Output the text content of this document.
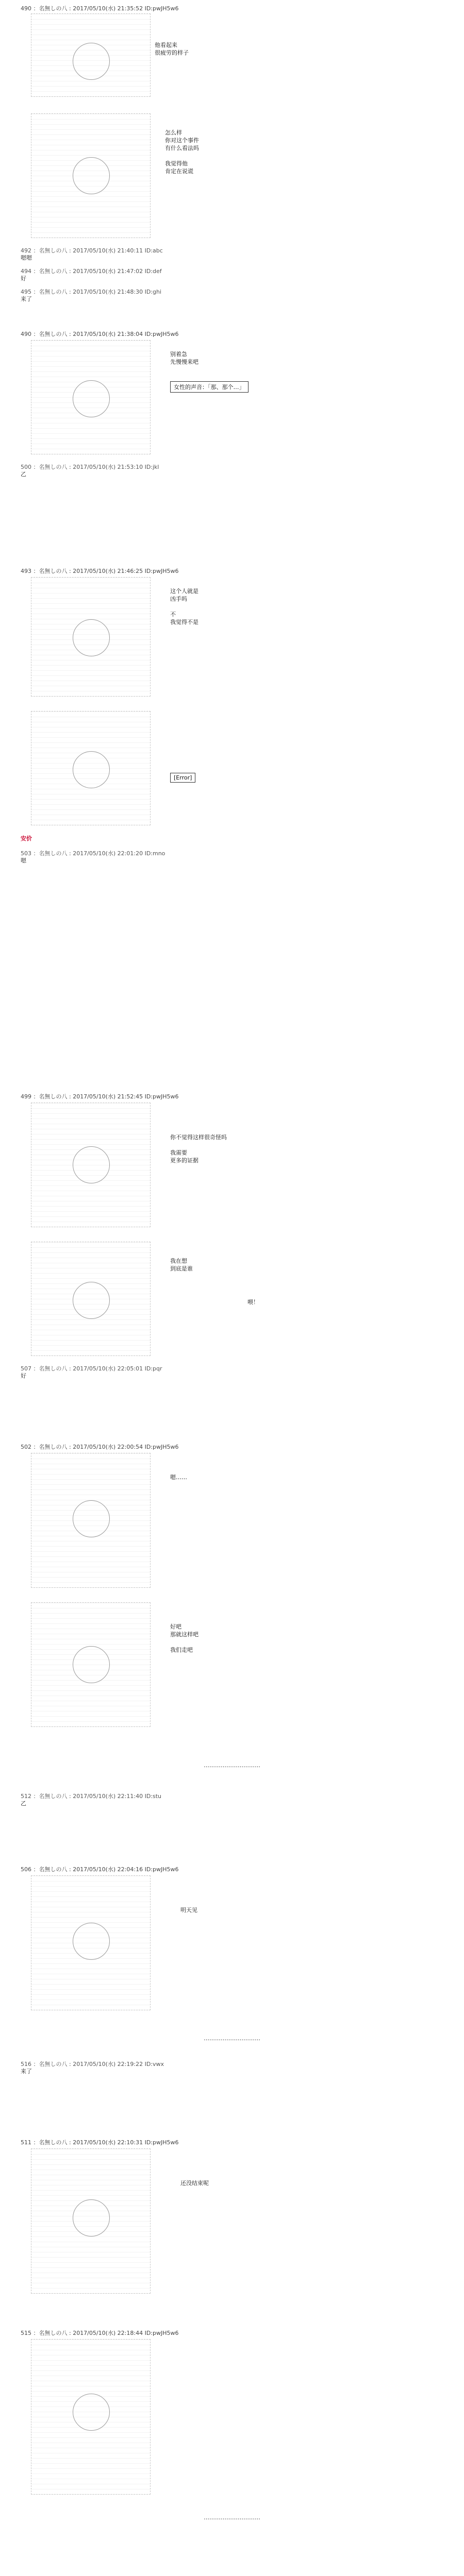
490 ：名無しの八 : 2017/05/10(水) 21:35:52 ID:pwJH5w6
他看起来
很疲劳的样子
怎么样
你对这个事件
有什么看法吗

我觉得他
肯定在说谎
492 ：名無しの八 : 2017/05/10(水) 21:40:11 ID:abc
嗯嗯
494 ：名無しの八 : 2017/05/10(水) 21:47:02 ID:def
好
495 ：名無しの八 : 2017/05/10(水) 21:48:30 ID:ghi
来了
490 ：名無しの八 : 2017/05/10(水) 21:38:04 ID:pwJH5w6
别着急
先慢慢来吧
女性的声音：「那、那个…」
500 ：名無しの八 : 2017/05/10(水) 21:53:10 ID:jkl
乙
493 ：名無しの八 : 2017/05/10(水) 21:46:25 ID:pwJH5w6
这个人就是
凶手吗

不
我觉得不是
[Error]
安价
503 ：名無しの八 : 2017/05/10(水) 22:01:20 ID:mno
嗯
499 ：名無しの八 : 2017/05/10(水) 21:52:45 ID:pwJH5w6
你不觉得这样很奇怪吗

我需要
更多的证据
我在想
到底是谁
喂！
507 ：名無しの八 : 2017/05/10(水) 22:05:01 ID:pqr
好
502 ：名無しの八 : 2017/05/10(水) 22:00:54 ID:pwJH5w6
嗯……
好吧
那就这样吧

我们走吧
…………………………
512 ：名無しの八 : 2017/05/10(水) 22:11:40 ID:stu
乙
506 ：名無しの八 : 2017/05/10(水) 22:04:16 ID:pwJH5w6
明天见
…………………………
516 ：名無しの八 : 2017/05/10(水) 22:19:22 ID:vwx
来了
511 ：名無しの八 : 2017/05/10(水) 22:10:31 ID:pwJH5w6
还没结束呢
515 ：名無しの八 : 2017/05/10(水) 22:18:44 ID:pwJH5w6
…………………………
